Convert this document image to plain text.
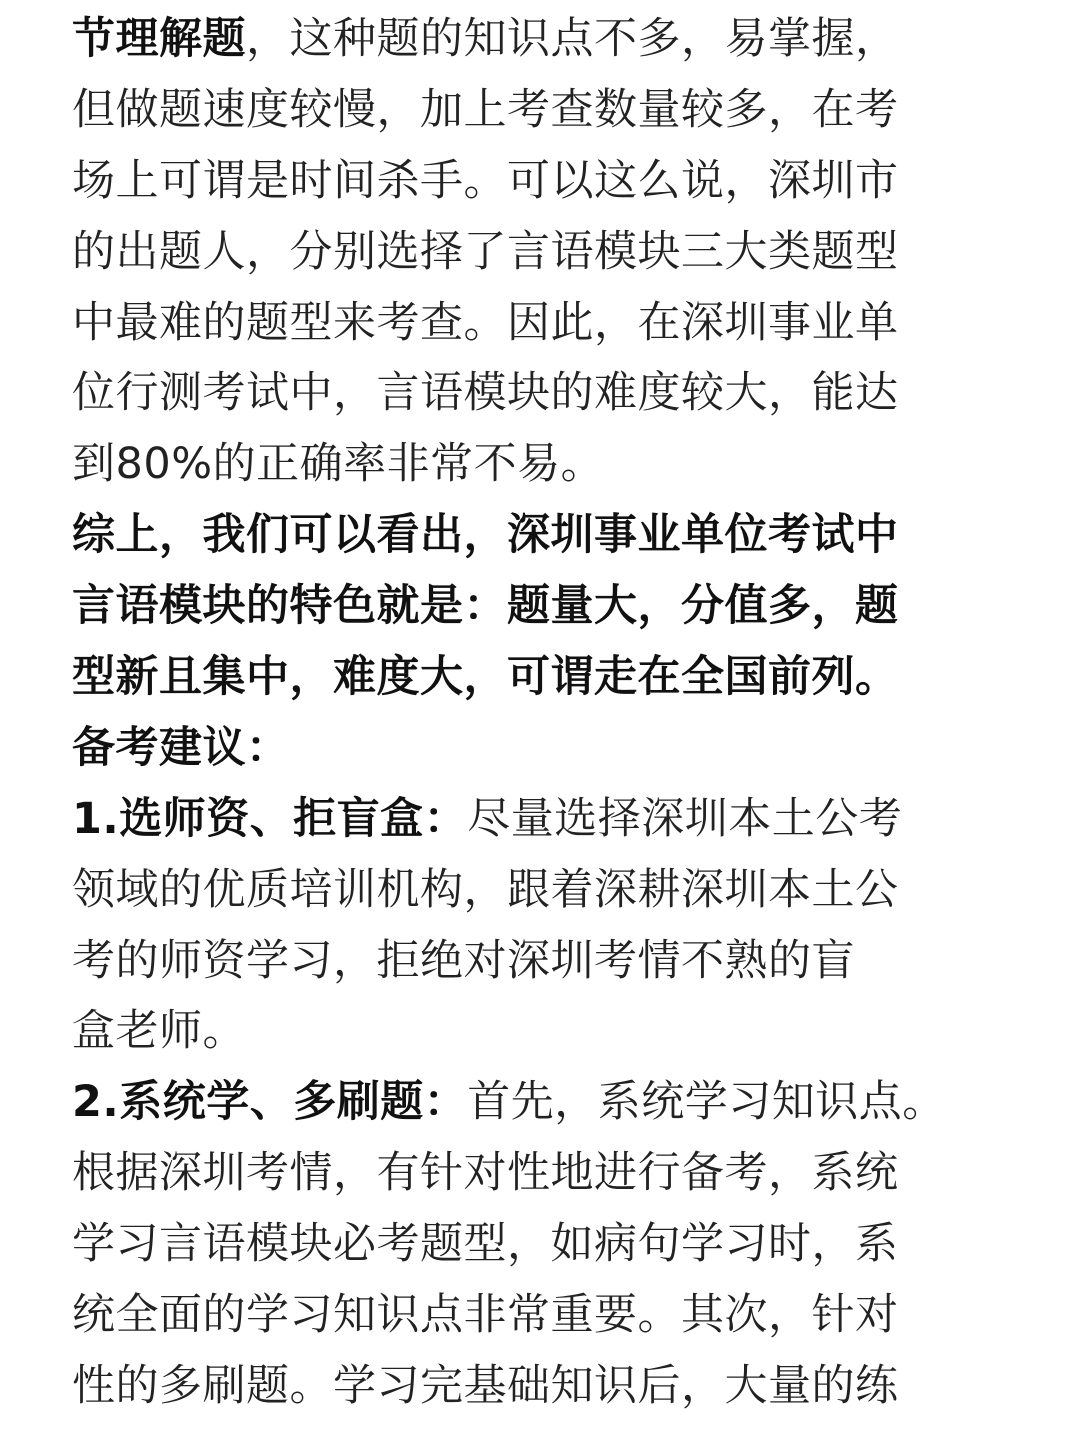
节理解题，这种题的知识点不多，易掌握，
但做题速度较慢，加上考查数量较多，在考
场上可谓是时间杀手。可以这么说，深圳市
的出题人，分别选择了言语模块三大类题型
中最难的题型来考查。因此，在深圳事业单
位行测考试中，言语模块的难度较大，能达
到80%的正确率非常不易。
综上，我们可以看出，深圳事业单位考试中
言语模块的特色就是：题量大，分值多，题
型新且集中，难度大，可谓走在全国前列。
备考建议：
1.选师资、拒盲盒：尽量选择深圳本土公考
领域的优质培训机构，跟着深耕深圳本土公
考的师资学习，拒绝对深圳考情不熟的盲
盒老师。
2.系统学、多刷题：首先，系统学习知识点。
根据深圳考情，有针对性地进行备考，系统
学习言语模块必考题型，如病句学习时，系
统全面的学习知识点非常重要。其次，针对
性的多刷题。学习完基础知识后，大量的练
